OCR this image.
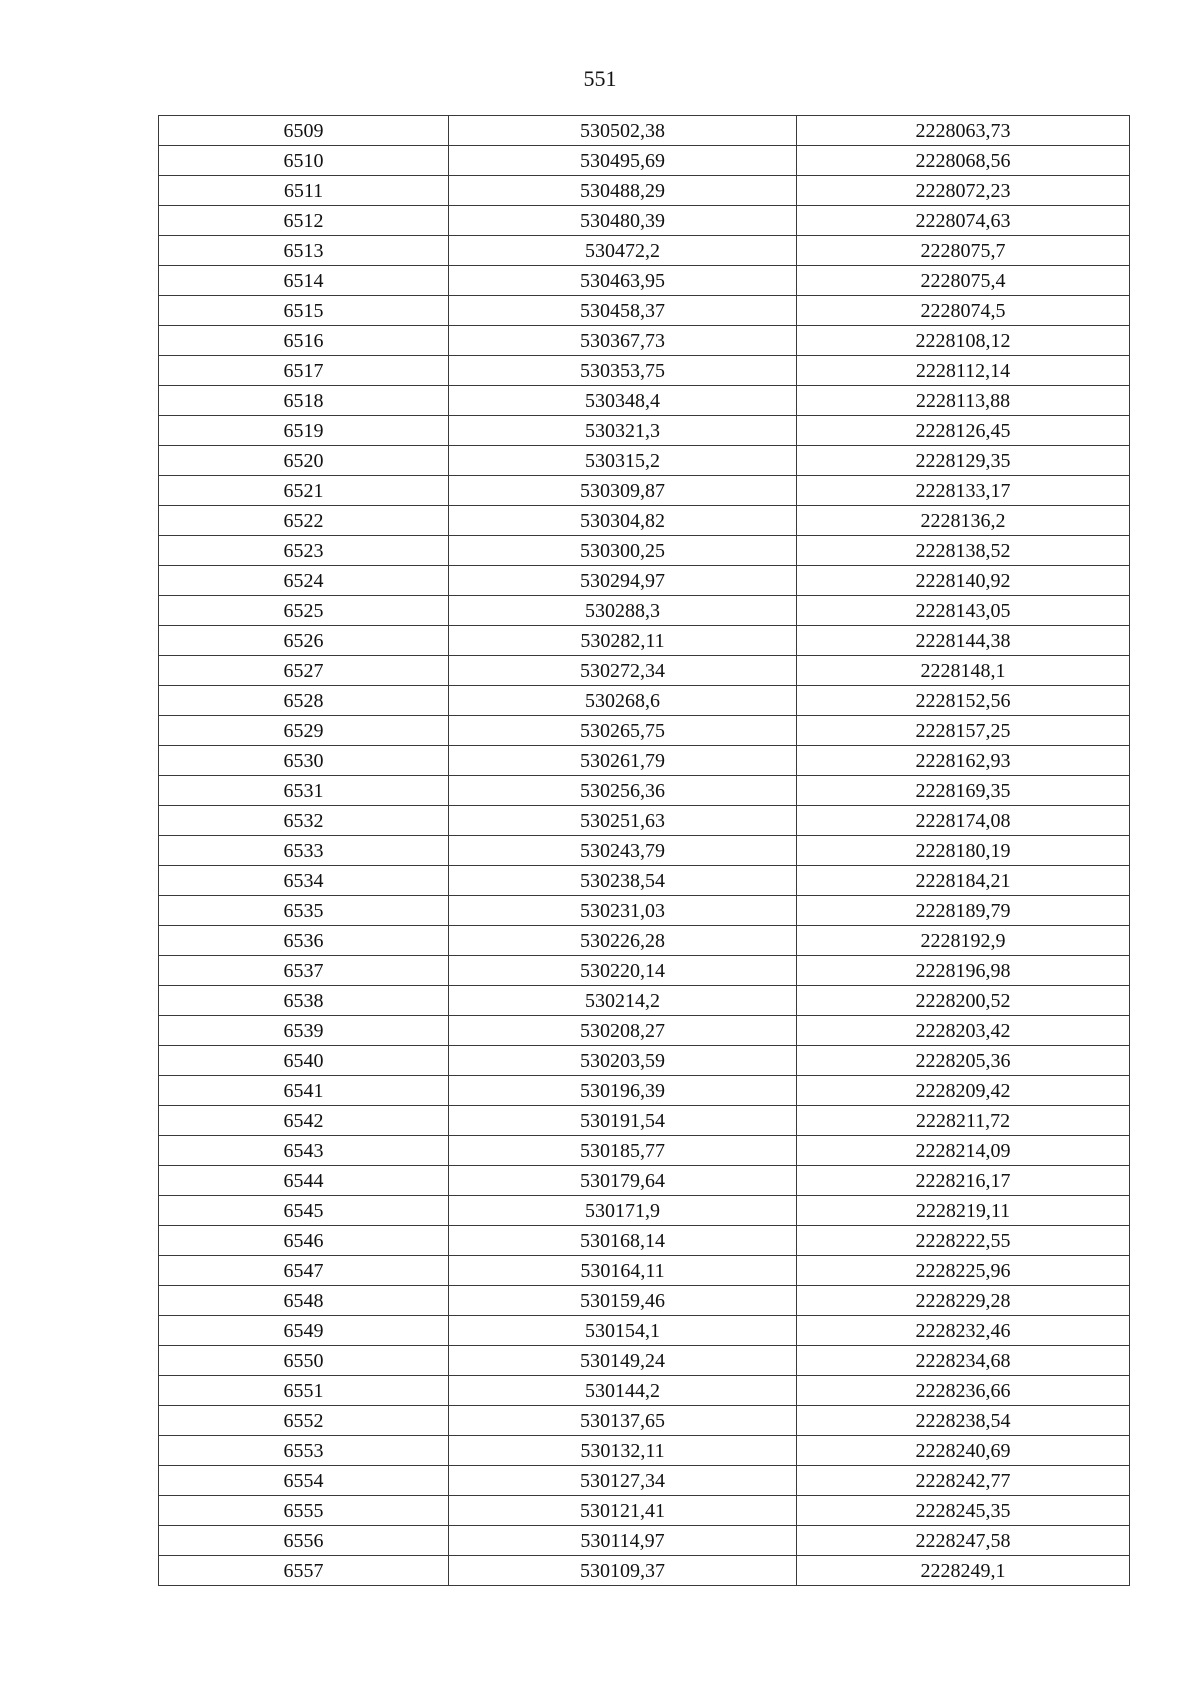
551
6509	530502,38	2228063,73
6510	530495,69	2228068,56
6511	530488,29	2228072,23
6512	530480,39	2228074,63
6513	530472,2	2228075,7
6514	530463,95	2228075,4
6515	530458,37	2228074,5
6516	530367,73	2228108,12
6517	530353,75	2228112,14
6518	530348,4	2228113,88
6519	530321,3	2228126,45
6520	530315,2	2228129,35
6521	530309,87	2228133,17
6522	530304,82	2228136,2
6523	530300,25	2228138,52
6524	530294,97	2228140,92
6525	530288,3	2228143,05
6526	530282,11	2228144,38
6527	530272,34	2228148,1
6528	530268,6	2228152,56
6529	530265,75	2228157,25
6530	530261,79	2228162,93
6531	530256,36	2228169,35
6532	530251,63	2228174,08
6533	530243,79	2228180,19
6534	530238,54	2228184,21
6535	530231,03	2228189,79
6536	530226,28	2228192,9
6537	530220,14	2228196,98
6538	530214,2	2228200,52
6539	530208,27	2228203,42
6540	530203,59	2228205,36
6541	530196,39	2228209,42
6542	530191,54	2228211,72
6543	530185,77	2228214,09
6544	530179,64	2228216,17
6545	530171,9	2228219,11
6546	530168,14	2228222,55
6547	530164,11	2228225,96
6548	530159,46	2228229,28
6549	530154,1	2228232,46
6550	530149,24	2228234,68
6551	530144,2	2228236,66
6552	530137,65	2228238,54
6553	530132,11	2228240,69
6554	530127,34	2228242,77
6555	530121,41	2228245,35
6556	530114,97	2228247,58
6557	530109,37	2228249,1
